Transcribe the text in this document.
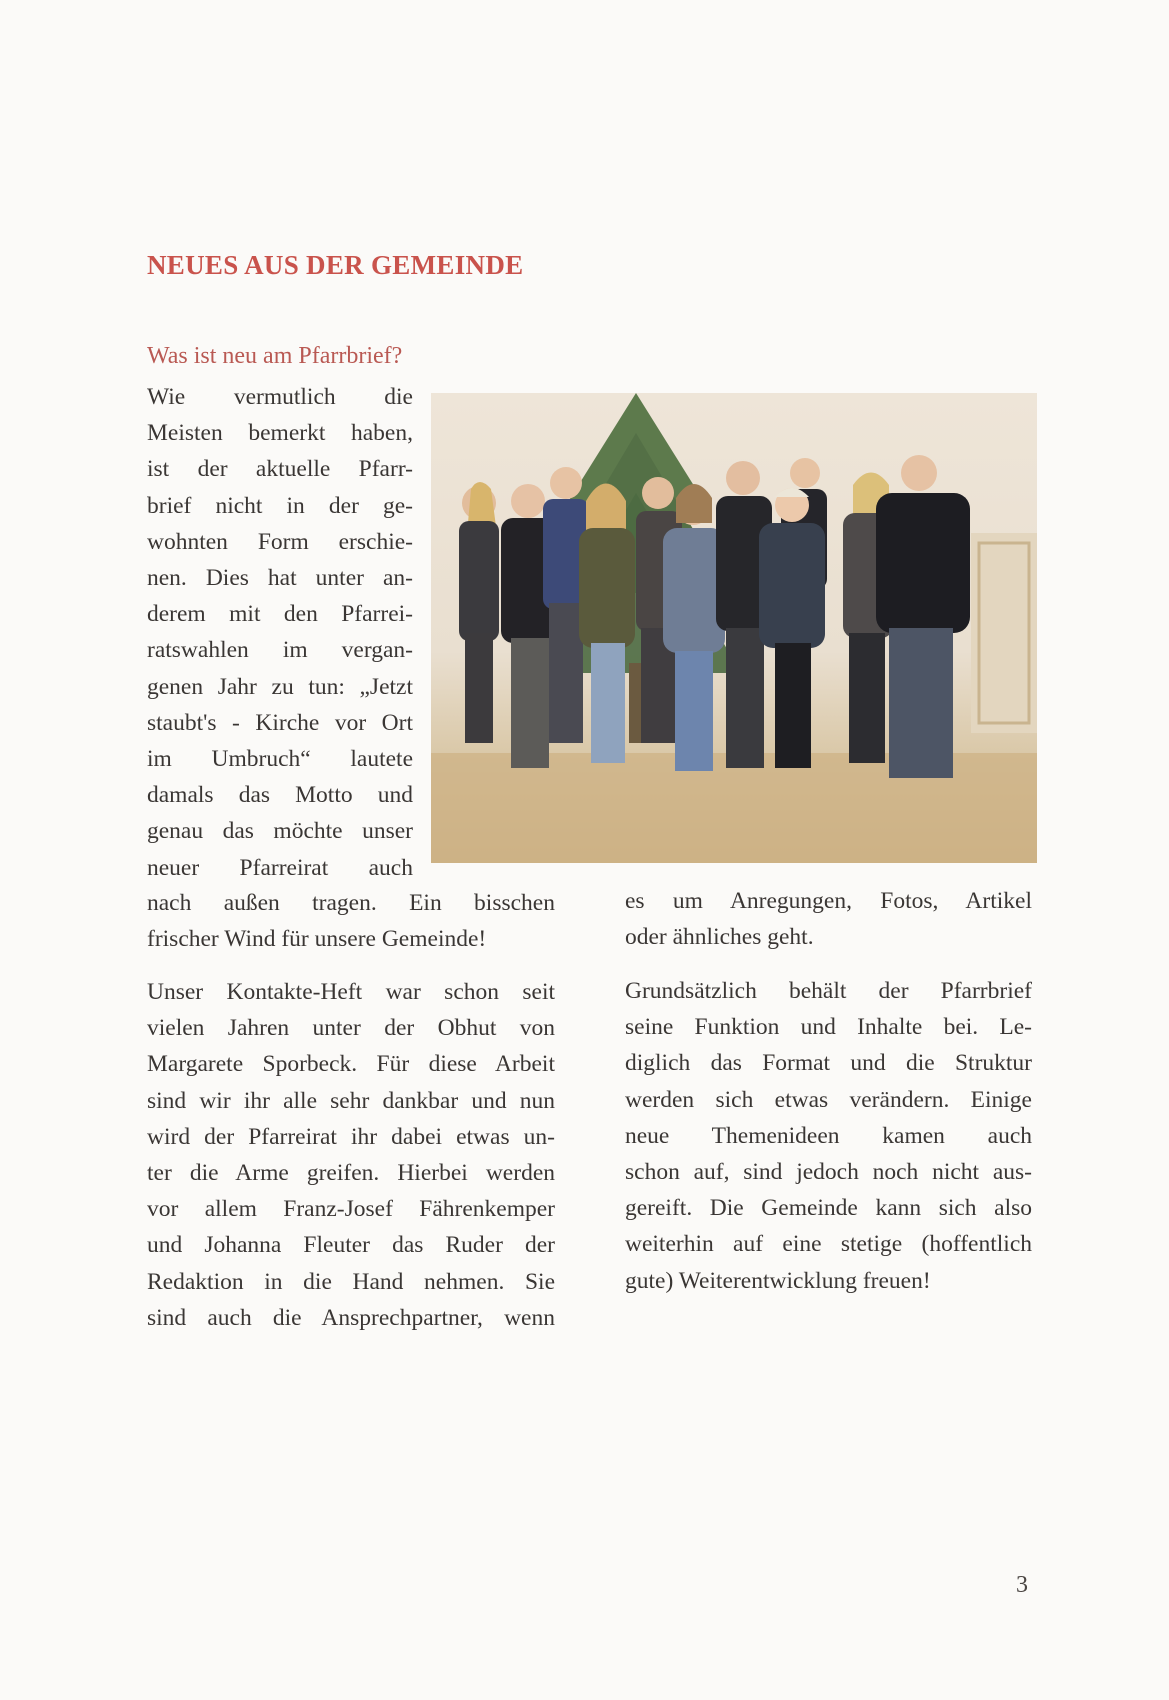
NEUES AUS DER GEMEINDE
Was ist neu am Pfarrbrief?

Wie vermutlich die
Meisten bemerkt haben,
ist der aktuelle Pfarr-
brief nicht in der ge-
wohnten Form erschie-
nen. Dies hat unter an-
derem mit den Pfarrei-
ratswahlen im vergan-
genen Jahr zu tun: „Jetzt
staubt's - Kirche vor Ort
im Umbruch“ lautete
damals das Motto und
genau das möchte unser
neuer Pfarreirat auch

nach außen tragen. Ein bisschen
frischer Wind für unsere Gemeinde!

Unser Kontakte-Heft war schon seit
vielen Jahren unter der Obhut von
Margarete Sporbeck. Für diese Arbeit
sind wir ihr alle sehr dankbar und nun
wird der Pfarreirat ihr dabei etwas un-
ter die Arme greifen. Hierbei werden
vor allem Franz-Josef Fährenkemper
und Johanna Fleuter das Ruder der
Redaktion in die Hand nehmen. Sie
sind auch die Ansprechpartner, wenn

es um Anregungen, Fotos, Artikel
oder ähnliches geht.

Grundsätzlich behält der Pfarrbrief
seine Funktion und Inhalte bei. Le-
diglich das Format und die Struktur
werden sich etwas verändern. Einige
neue Themenideen kamen auch
schon auf, sind jedoch noch nicht aus-
gereift. Die Gemeinde kann sich also
weiterhin auf eine stetige (hoffentlich
gute) Weiterentwicklung freuen!

3
